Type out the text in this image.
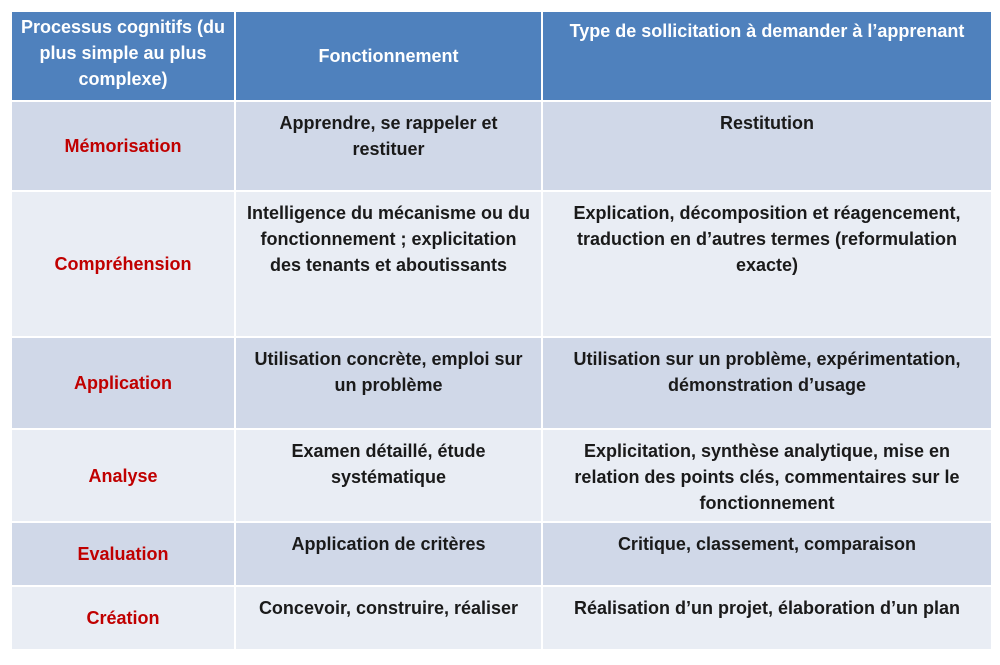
Processus cognitifs (du plus simple au plus complexe)	Fonctionnement	Type de sollicitation à demander à l’apprenant
Mémorisation	Apprendre, se rappeler et restituer	Restitution
Compréhension	Intelligence du mécanisme ou du fonctionnement ; explicitation des tenants et aboutissants	Explication, décomposition et réagencement, traduction en d’autres termes (reformulation exacte)
Application	Utilisation concrète, emploi sur un problème	Utilisation sur un problème, expérimentation, démonstration d’usage
Analyse	Examen détaillé, étude systématique	Explicitation, synthèse analytique, mise en relation des points clés, commentaires sur le fonctionnement
Evaluation	Application de critères	Critique, classement, comparaison
Création	Concevoir, construire, réaliser	Réalisation d’un projet, élaboration d’un plan
